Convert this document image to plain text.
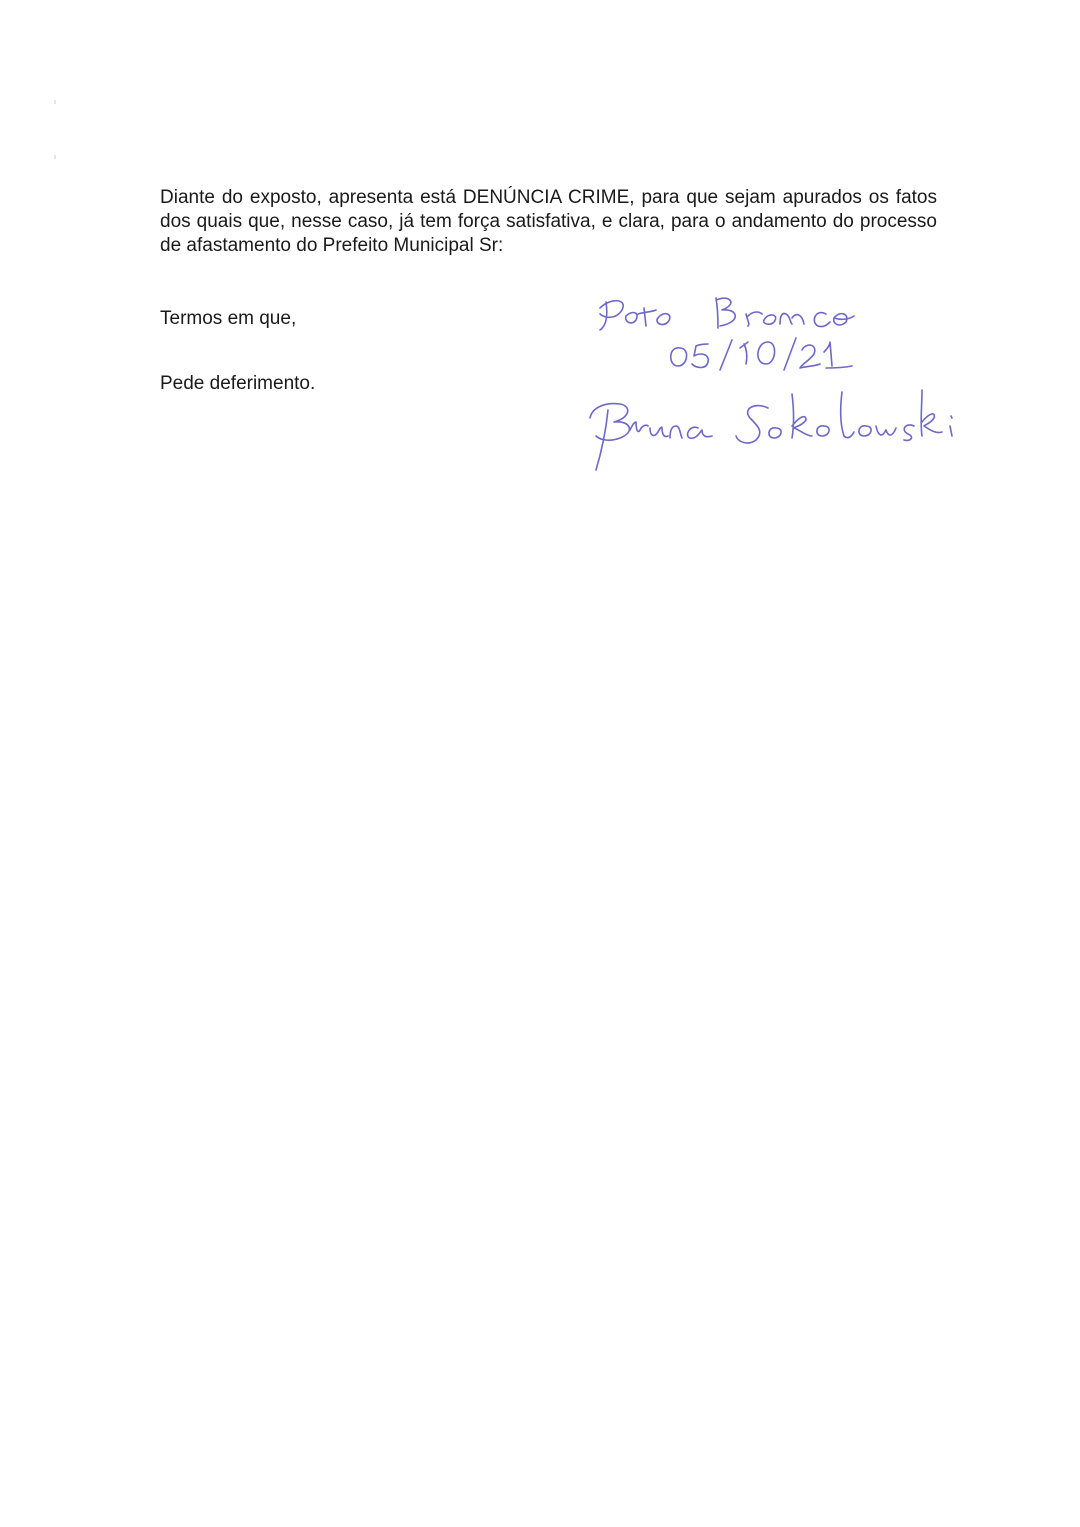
Diante do exposto, apresenta está DENÚNCIA CRIME, para que sejam apurados os fatos dos quais que, nesse caso, já tem força satisfativa, e clara, para o andamento do processo de afastamento do Prefeito Municipal Sr:

Termos em que,

Pede deferimento.
